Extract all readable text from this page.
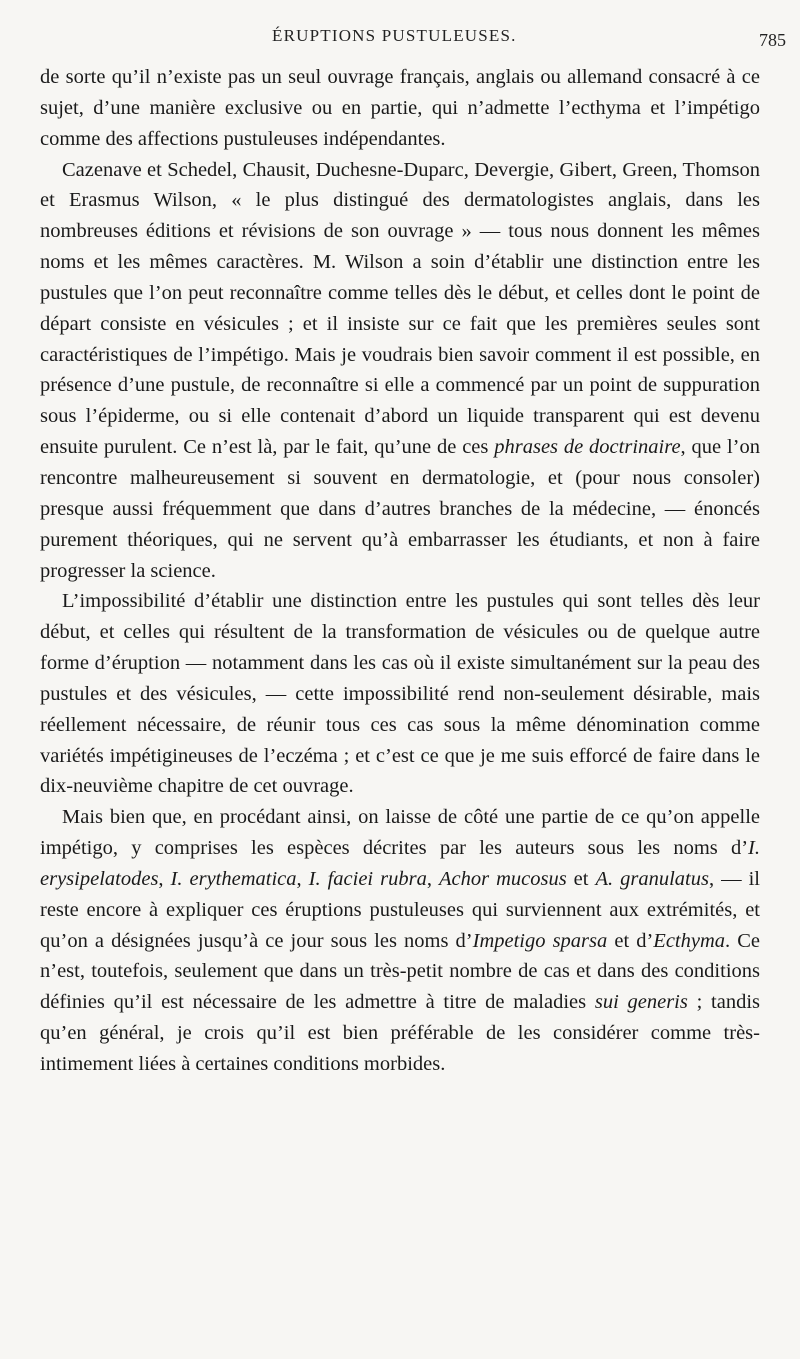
ÉRUPTIONS PUSTULEUSES.	785

de sorte qu’il n’existe pas un seul ouvrage français, anglais ou allemand consacré à ce sujet, d’une manière exclusive ou en partie, qui n’admette l’ecthyma et l’impétigo comme des affections pustuleuses indépendantes.

Cazenave et Schedel, Chausit, Duchesne-Duparc, Devergie, Gibert, Green, Thomson et Erasmus Wilson, « le plus distingué des dermatologistes anglais, dans les nombreuses éditions et révisions de son ouvrage » — tous nous donnent les mêmes noms et les mêmes caractères. M. Wilson a soin d’établir une distinction entre les pustules que l’on peut reconnaître comme telles dès le début, et celles dont le point de départ consiste en vésicules ; et il insiste sur ce fait que les premières seules sont caractéristiques de l’impétigo. Mais je voudrais bien savoir comment il est possible, en présence d’une pustule, de reconnaître si elle a commencé par un point de suppuration sous l’épiderme, ou si elle contenait d’abord un liquide transparent qui est devenu ensuite purulent. Ce n’est là, par le fait, qu’une de ces phrases de doctrinaire, que l’on rencontre malheureusement si souvent en dermatologie, et (pour nous consoler) presque aussi fréquemment que dans d’autres branches de la médecine, — énoncés purement théoriques, qui ne servent qu’à embarrasser les étudiants, et non à faire progresser la science.

L’impossibilité d’établir une distinction entre les pustules qui sont telles dès leur début, et celles qui résultent de la transformation de vésicules ou de quelque autre forme d’éruption — notamment dans les cas où il existe simultanément sur la peau des pustules et des vésicules, — cette impossibilité rend non-seulement désirable, mais réellement nécessaire, de réunir tous ces cas sous la même dénomination comme variétés impétigineuses de l’eczéma ; et c’est ce que je me suis efforcé de faire dans le dix-neuvième chapitre de cet ouvrage.

Mais bien que, en procédant ainsi, on laisse de côté une partie de ce qu’on appelle impétigo, y comprises les espèces décrites par les auteurs sous les noms d’I. erysipelatodes, I. erythematica, I. faciei rubra, Achor mucosus et A. granulatus, — il reste encore à expliquer ces éruptions pustuleuses qui surviennent aux extrémités, et qu’on a désignées jusqu’à ce jour sous les noms d’Impetigo sparsa et d’Ecthyma. Ce n’est, toutefois, seulement que dans un très-petit nombre de cas et dans des conditions définies qu’il est nécessaire de les admettre à titre de maladies sui generis ; tandis qu’en général, je crois qu’il est bien préférable de les considérer comme très-intimement liées à certaines conditions morbides.
